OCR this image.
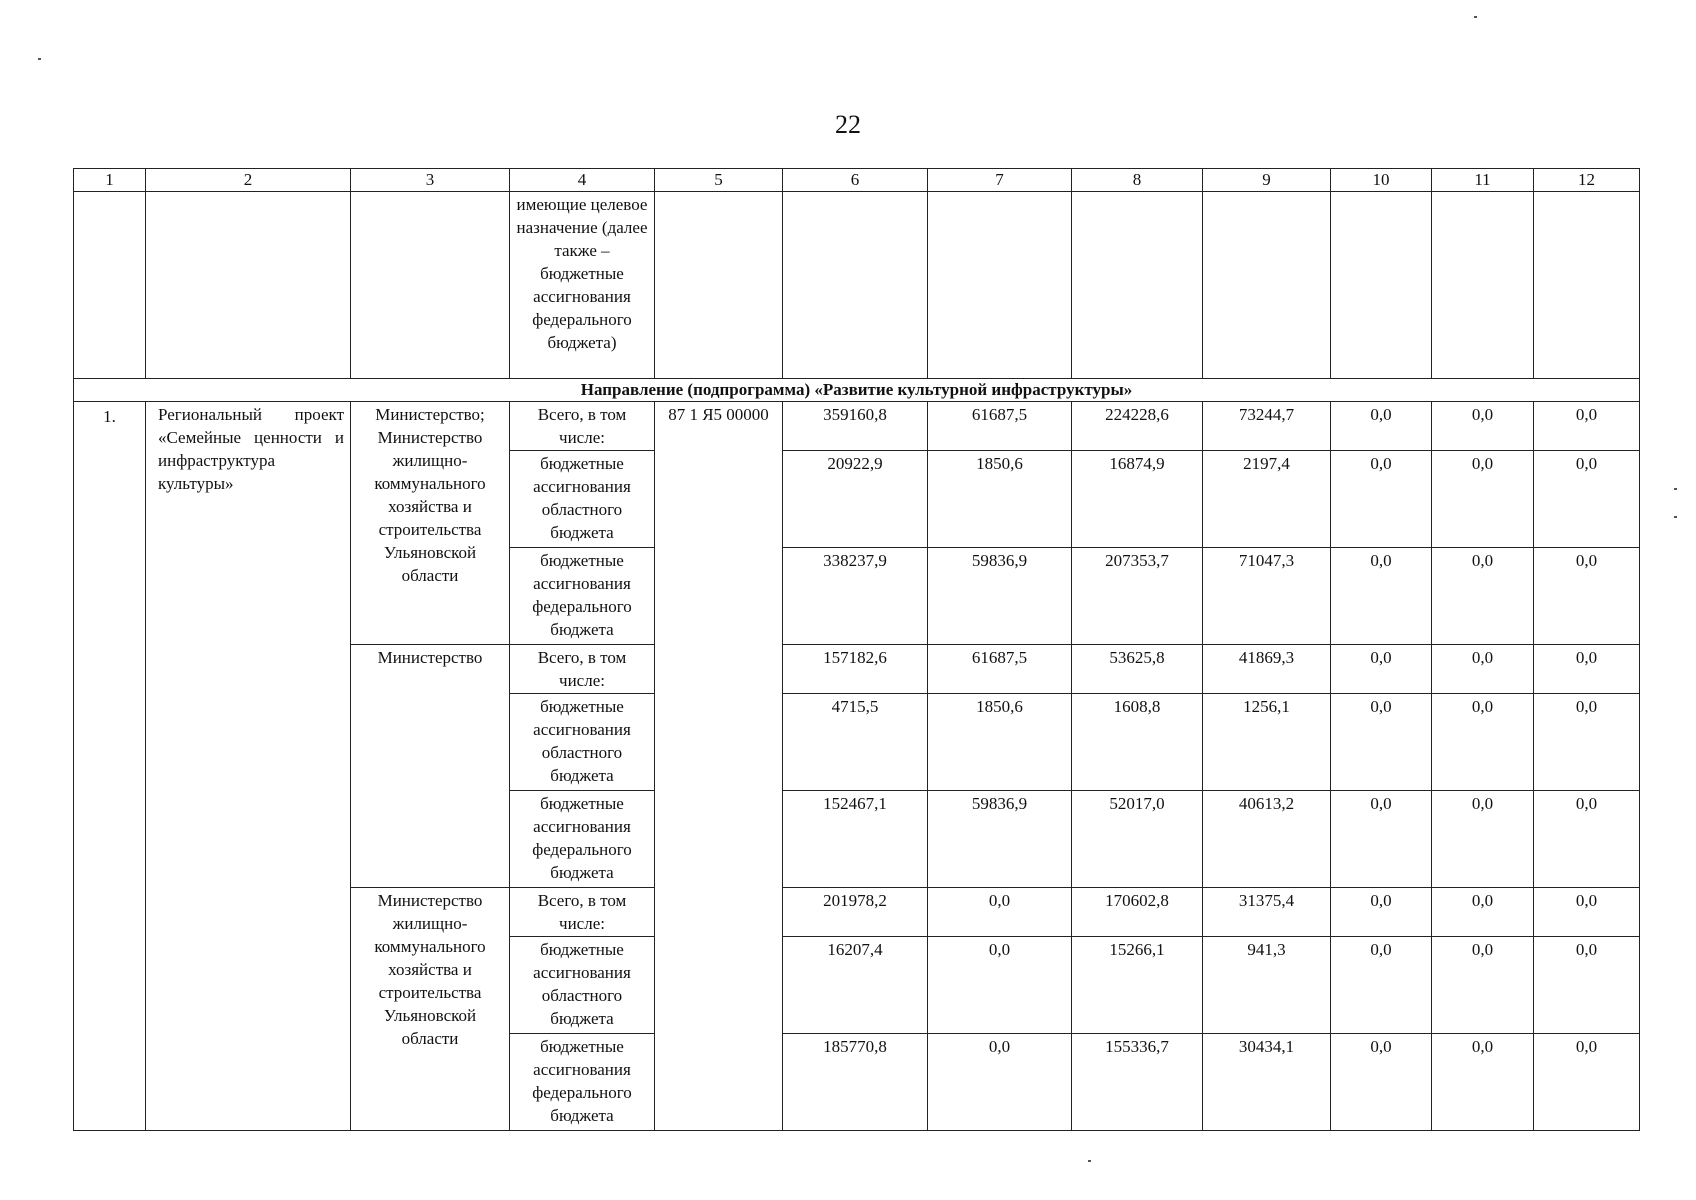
22
1	2	3	4	5	6	7	8	9	10	11	12
			имеющие целевое назначение (далее также – бюджетные ассигнования федерального бюджета)								
Направление (подпрограмма) «Развитие культурной инфраструктуры»											
1.	Региональный проект «Семейные ценности и инфраструктура культуры»	Министерство; Министерство жилищно-коммунального хозяйства и строительства Ульяновской области	Всего, в том числе:	87 1 Я5 00000	359160,8	61687,5	224228,6	73244,7	0,0	0,0	0,0
			бюджетные ассигнования областного бюджета		20922,9	1850,6	16874,9	2197,4	0,0	0,0	0,0
			бюджетные ассигнования федерального бюджета		338237,9	59836,9	207353,7	71047,3	0,0	0,0	0,0
		Министерство	Всего, в том числе:		157182,6	61687,5	53625,8	41869,3	0,0	0,0	0,0
			бюджетные ассигнования областного бюджета		4715,5	1850,6	1608,8	1256,1	0,0	0,0	0,0
			бюджетные ассигнования федерального бюджета		152467,1	59836,9	52017,0	40613,2	0,0	0,0	0,0
		Министерство жилищно-коммунального хозяйства и строительства Ульяновской области	Всего, в том числе:		201978,2	0,0	170602,8	31375,4	0,0	0,0	0,0
			бюджетные ассигнования областного бюджета		16207,4	0,0	15266,1	941,3	0,0	0,0	0,0
			бюджетные ассигнования федерального бюджета		185770,8	0,0	155336,7	30434,1	0,0	0,0	0,0
